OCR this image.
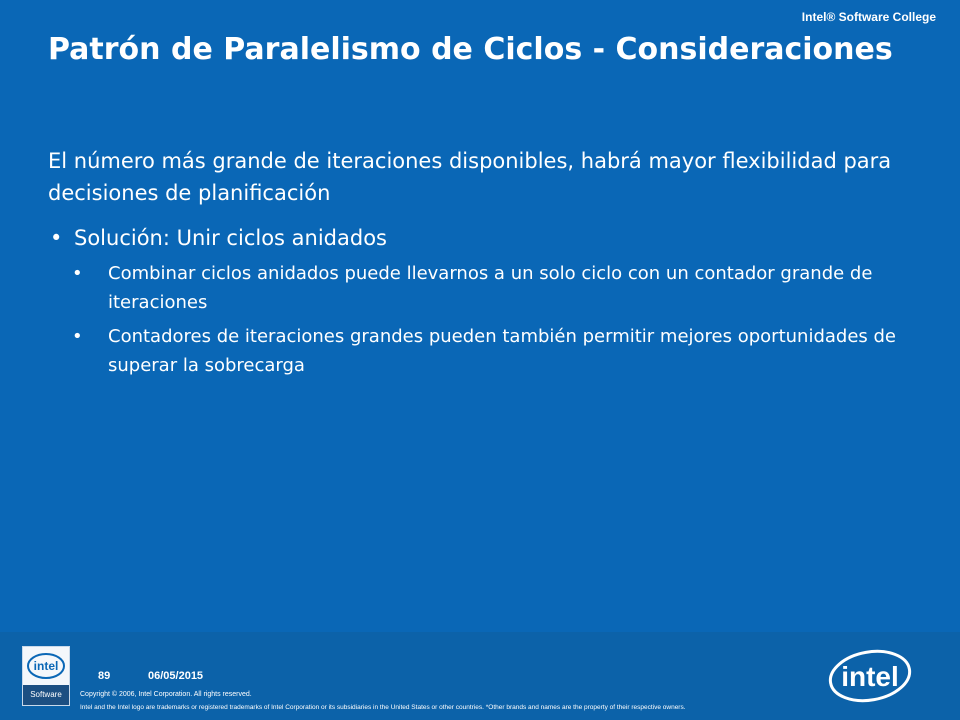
Intel® Software College
Patrón de Paralelismo de Ciclos - Consideraciones

El número más grande de iteraciones disponibles, habrá mayor flexibilidad para decisiones de planificación

• Solución: Unir ciclos anidados
• Combinar ciclos anidados puede llevarnos a un solo ciclo con un contador grande de iteraciones
• Contadores de iteraciones grandes pueden también permitir mejores oportunidades de superar la sobrecarga
intel
Software
89	06/05/2015
Copyright © 2006, Intel Corporation. All rights reserved.
Intel and the Intel logo are trademarks or registered trademarks of Intel Corporation or its subsidiaries in the United States or other countries. *Other brands and names are the property of their respective owners.
intel
